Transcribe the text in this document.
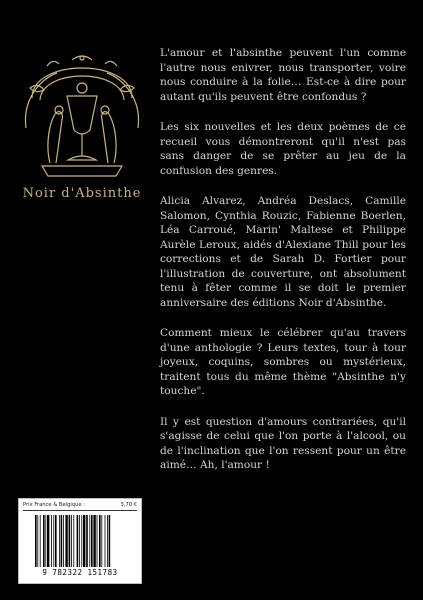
Noir d'Absinthe

L'amour et l'absinthe peuvent l'un comme l'autre nous enivrer, nous transporter, voire nous conduire à la folie… Est-ce à dire pour autant qu'ils peuvent être confondus ?

Les six nouvelles et les deux poèmes de ce recueil vous démontreront qu'il n'est pas sans danger de se prêter au jeu de la confusion des genres.

Alicia Alvarez, Andréa Deslacs, Camille Salomon, Cynthia Rouzic, Fabienne Boerlen, Léa Carroué, Marin' Maltese et Philippe Aurèle Leroux, aidés d'Alexiane Thill pour les corrections et de Sarah D. Fortier pour l'illustration de couverture, ont absolument tenu à fêter comme il se doit le premier anniversaire des éditions Noir d'Absinthe.

Comment mieux le célébrer qu'au travers d'une anthologie ? Leurs textes, tour à tour joyeux, coquins, sombres ou mystérieux, traitent tous du même thème "Absinthe n'y touche".

Il y est question d'amours contrariées, qu'il s'agisse de celui que l'on porte à l'alcool, ou de l'inclination que l'on ressent pour un être aimé… Ah, l'amour !

Prix France & Belgique :	3,70 €
9 782322 151783
